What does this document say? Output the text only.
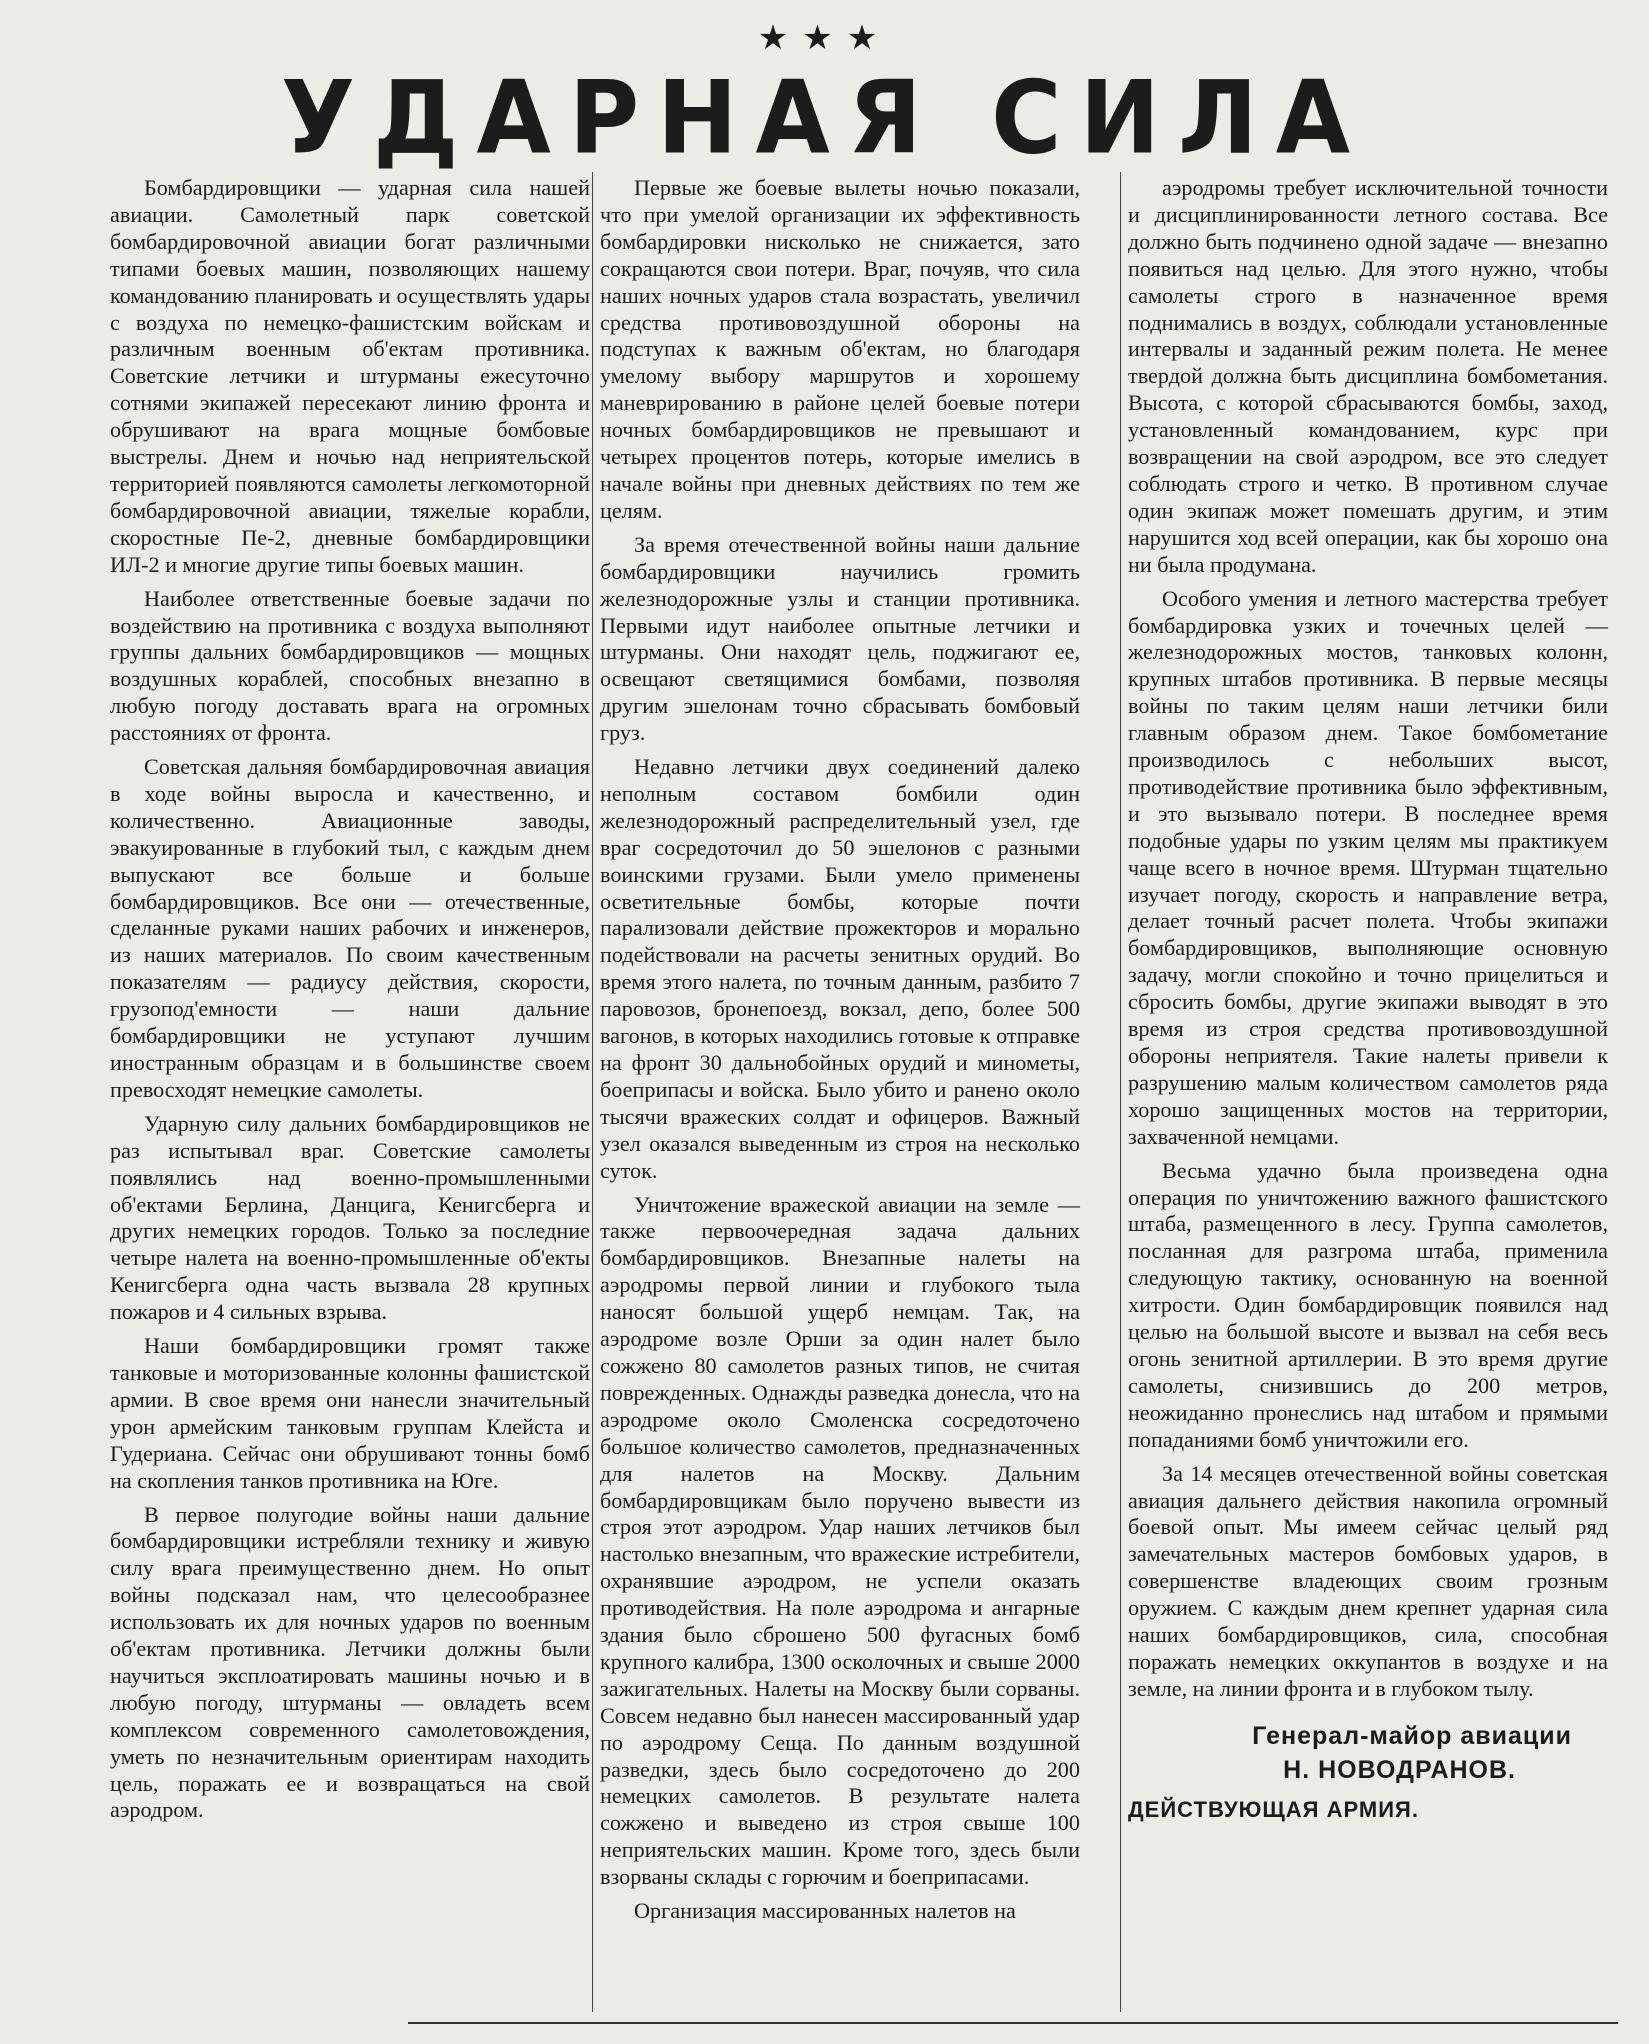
★★★
УДАРНАЯ СИЛА

Бомбардировщики — ударная сила нашей авиации. Самолетный парк советской бомбардировочной авиации богат различными типами боевых машин, позволяющих нашему командованию планировать и осуществлять удары с воздуха по немецко-фашистским войскам и различным военным об'ектам противника. Советские летчики и штурманы ежесуточно сотнями экипажей пересекают линию фронта и обрушивают на врага мощные бомбовые выстрелы. Днем и ночью над неприятельской территорией появляются самолеты легкомоторной бомбардировочной авиации, тяжелые корабли, скоростные Пе-2, дневные бомбардировщики ИЛ-2 и многие другие типы боевых машин.

Наиболее ответственные боевые задачи по воздействию на противника с воздуха выполняют группы дальних бомбардировщиков — мощных воздушных кораблей, способных внезапно в любую погоду доставать врага на огромных расстояниях от фронта.

Советская дальняя бомбардировочная авиация в ходе войны выросла и качественно, и количественно. Авиационные заводы, эвакуированные в глубокий тыл, с каждым днем выпускают все больше и больше бомбардировщиков. Все они — отечественные, сделанные руками наших рабочих и инженеров, из наших материалов. По своим качественным показателям — радиусу действия, скорости, грузопод'емности — наши дальние бомбардировщики не уступают лучшим иностранным образцам и в большинстве своем превосходят немецкие самолеты.

Ударную силу дальних бомбардировщиков не раз испытывал враг. Советские самолеты появлялись над военно-промышленными об'ектами Берлина, Данцига, Кенигсберга и других немецких городов. Только за последние четыре налета на военно-промышленные об'екты Кенигсберга одна часть вызвала 28 крупных пожаров и 4 сильных взрыва.

Наши бомбардировщики громят также танковые и моторизованные колонны фашистской армии. В свое время они нанесли значительный урон армейским танковым группам Клейста и Гудериана. Сейчас они обрушивают тонны бомб на скопления танков противника на Юге.

В первое полугодие войны наши дальние бомбардировщики истребляли технику и живую силу врага преимущественно днем. Но опыт войны подсказал нам, что целесообразнее использовать их для ночных ударов по военным об'ектам противника. Летчики должны были научиться эксплоатировать машины ночью и в любую погоду, штурманы — овладеть всем комплексом современного самолетовождения, уметь по незначительным ориентирам находить цель, поражать ее и возвращаться на свой аэродром.

Первые же боевые вылеты ночью показали, что при умелой организации их эффективность бомбардировки нисколько не снижается, зато сокращаются свои потери. Враг, почуяв, что сила наших ночных ударов стала возрастать, увеличил средства противовоздушной обороны на подступах к важным об'ектам, но благодаря умелому выбору маршрутов и хорошему маневрированию в районе целей боевые потери ночных бомбардировщиков не превышают и четырех процентов потерь, которые имелись в начале войны при дневных действиях по тем же целям.

За время отечественной войны наши дальние бомбардировщики научились громить железнодорожные узлы и станции противника. Первыми идут наиболее опытные летчики и штурманы. Они находят цель, поджигают ее, освещают светящимися бомбами, позволяя другим эшелонам точно сбрасывать бомбовый груз.

Недавно летчики двух соединений далеко неполным составом бомбили один железнодорожный распределительный узел, где враг сосредоточил до 50 эшелонов с разными воинскими грузами. Были умело применены осветительные бомбы, которые почти парализовали действие прожекторов и морально подействовали на расчеты зенитных орудий. Во время этого налета, по точным данным, разбито 7 паровозов, бронепоезд, вокзал, депо, более 500 вагонов, в которых находились готовые к отправке на фронт 30 дальнобойных орудий и минометы, боеприпасы и войска. Было убито и ранено около тысячи вражеских солдат и офицеров. Важный узел оказался выведенным из строя на несколько суток.

Уничтожение вражеской авиации на земле — также первоочередная задача дальних бомбардировщиков. Внезапные налеты на аэродромы первой линии и глубокого тыла наносят большой ущерб немцам. Так, на аэродроме возле Орши за один налет было сожжено 80 самолетов разных типов, не считая поврежденных. Однажды разведка донесла, что на аэродроме около Смоленска сосредоточено большое количество самолетов, предназначенных для налетов на Москву. Дальним бомбардировщикам было поручено вывести из строя этот аэродром. Удар наших летчиков был настолько внезапным, что вражеские истребители, охранявшие аэродром, не успели оказать противодействия. На поле аэродрома и ангарные здания было сброшено 500 фугасных бомб крупного калибра, 1300 осколочных и свыше 2000 зажигательных. Налеты на Москву были сорваны. Совсем недавно был нанесен массированный удар по аэродрому Сеща. По данным воздушной разведки, здесь было сосредоточено до 200 немецких самолетов. В результате налета сожжено и выведено из строя свыше 100 неприятельских машин. Кроме того, здесь были взорваны склады с горючим и боеприпасами.

Организация массированных налетов на

аэродромы требует исключительной точности и дисциплинированности летного состава. Все должно быть подчинено одной задаче — внезапно появиться над целью. Для этого нужно, чтобы самолеты строго в назначенное время поднимались в воздух, соблюдали установленные интервалы и заданный режим полета. Не менее твердой должна быть дисциплина бомбометания. Высота, с которой сбрасываются бомбы, заход, установленный командованием, курс при возвращении на свой аэродром, все это следует соблюдать строго и четко. В противном случае один экипаж может помешать другим, и этим нарушится ход всей операции, как бы хорошо она ни была продумана.

Особого умения и летного мастерства требует бомбардировка узких и точечных целей — железнодорожных мостов, танковых колонн, крупных штабов противника. В первые месяцы войны по таким целям наши летчики били главным образом днем. Такое бомбометание производилось с небольших высот, противодействие противника было эффективным, и это вызывало потери. В последнее время подобные удары по узким целям мы практикуем чаще всего в ночное время. Штурман тщательно изучает погоду, скорость и направление ветра, делает точный расчет полета. Чтобы экипажи бомбардировщиков, выполняющие основную задачу, могли спокойно и точно прицелиться и сбросить бомбы, другие экипажи выводят в это время из строя средства противовоздушной обороны неприятеля. Такие налеты привели к разрушению малым количеством самолетов ряда хорошо защищенных мостов на территории, захваченной немцами.

Весьма удачно была произведена одна операция по уничтожению важного фашистского штаба, размещенного в лесу. Группа самолетов, посланная для разгрома штаба, применила следующую тактику, основанную на военной хитрости. Один бомбардировщик появился над целью на большой высоте и вызвал на себя весь огонь зенитной артиллерии. В это время другие самолеты, снизившись до 200 метров, неожиданно пронеслись над штабом и прямыми попаданиями бомб уничтожили его.

За 14 месяцев отечественной войны советская авиация дальнего действия накопила огромный боевой опыт. Мы имеем сейчас целый ряд замечательных мастеров бомбовых ударов, в совершенстве владеющих своим грозным оружием. С каждым днем крепнет ударная сила наших бомбардировщиков, сила, способная поражать немецких оккупантов в воздухе и на земле, на линии фронта и в глубоком тылу.

Генерал-майор авиации
Н. НОВОДРАНОВ.
ДЕЙСТВУЮЩАЯ АРМИЯ.
